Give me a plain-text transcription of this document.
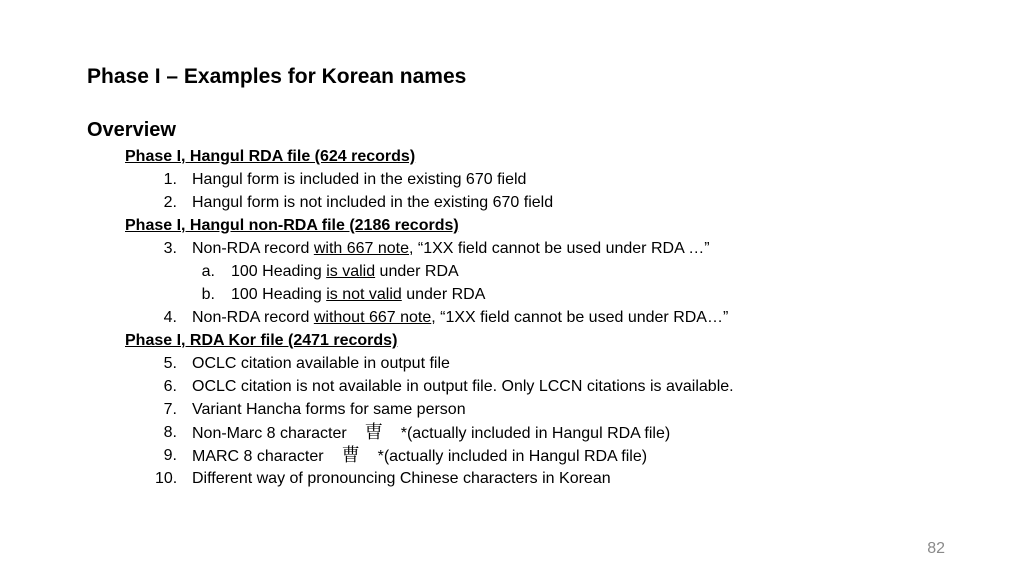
Phase I – Examples for Korean names
Overview
Phase I, Hangul RDA file (624 records)
1. Hangul form is included in the existing 670 field
2. Hangul form is not included in the existing 670 field
Phase I, Hangul non-RDA file (2186 records)
3. Non-RDA record with 667 note, “1XX field cannot be used under RDA …”
a. 100 Heading is valid under RDA
b. 100 Heading is not valid under RDA
4. Non-RDA record without 667 note, “1XX field cannot be used under RDA…”
Phase I, RDA Kor file (2471 records)
5. OCLC citation available in output file
6. OCLC citation is not available in output file. Only LCCN citations is available.
7. Variant Hancha forms for same person
8. Non-Marc 8 character 曺 *(actually included in Hangul RDA file)
9. MARC 8 character 曹 *(actually included in Hangul RDA file)
10. Different way of pronouncing Chinese characters in Korean
82
